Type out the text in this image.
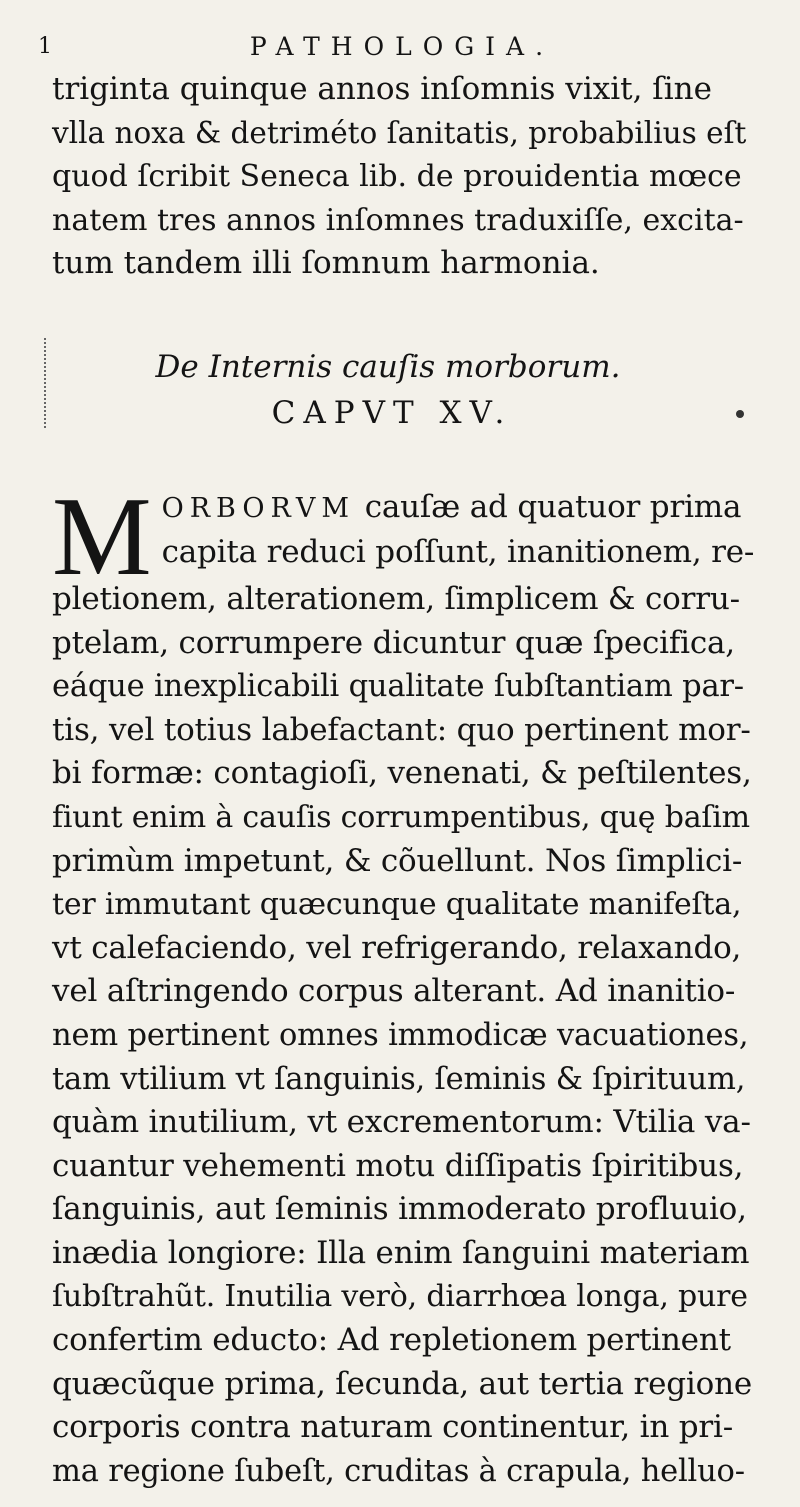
1	PATHOLOGIA.
triginta quinque annos inſomnis vixit, ſine
vlla noxa & detriméto ſanitatis, probabilius eſt
quod ſcribit Seneca lib. de prouidentia mœce
natem tres annos inſomnes traduxiſſe, excita-
tum tandem illi ſomnum harmonia.
De Internis cauſis morborum.
CAPVT XV.
M ORBORVM cauſæ ad quatuor prima
capita reduci poſſunt, inanitionem, re-
pletionem, alterationem, ſimplicem & corru-
ptelam, corrumpere dicuntur quæ ſpecifica,
eáque inexplicabili qualitate ſubſtantiam par-
tis, vel totius labefactant: quo pertinent mor-
bi formæ: contagioſi, venenati, & peſtilentes,
fiunt enim à cauſis corrumpentibus, quę baſim
primùm impetunt, & cõuellunt. Nos ſimplici-
ter immutant quæcunque qualitate manifeſta,
vt calefaciendo, vel refrigerando, relaxando,
vel aſtringendo corpus alterant. Ad inanitio-
nem pertinent omnes immodicæ vacuationes,
tam vtilium vt ſanguinis, ſeminis & ſpirituum,
quàm inutilium, vt excrementorum: Vtilia va-
cuantur vehementi motu diſſipatis ſpiritibus,
ſanguinis, aut ſeminis immoderato profluuio,
inædia longiore: Illa enim ſanguini materiam
ſubſtrahũt. Inutilia verò, diarrhœa longa, pure
confertim educto: Ad repletionem pertinent
quæcũque prima, ſecunda, aut tertia regione
corporis contra naturam continentur, in pri-
ma regione ſubeſt, cruditas à crapula, helluo-
